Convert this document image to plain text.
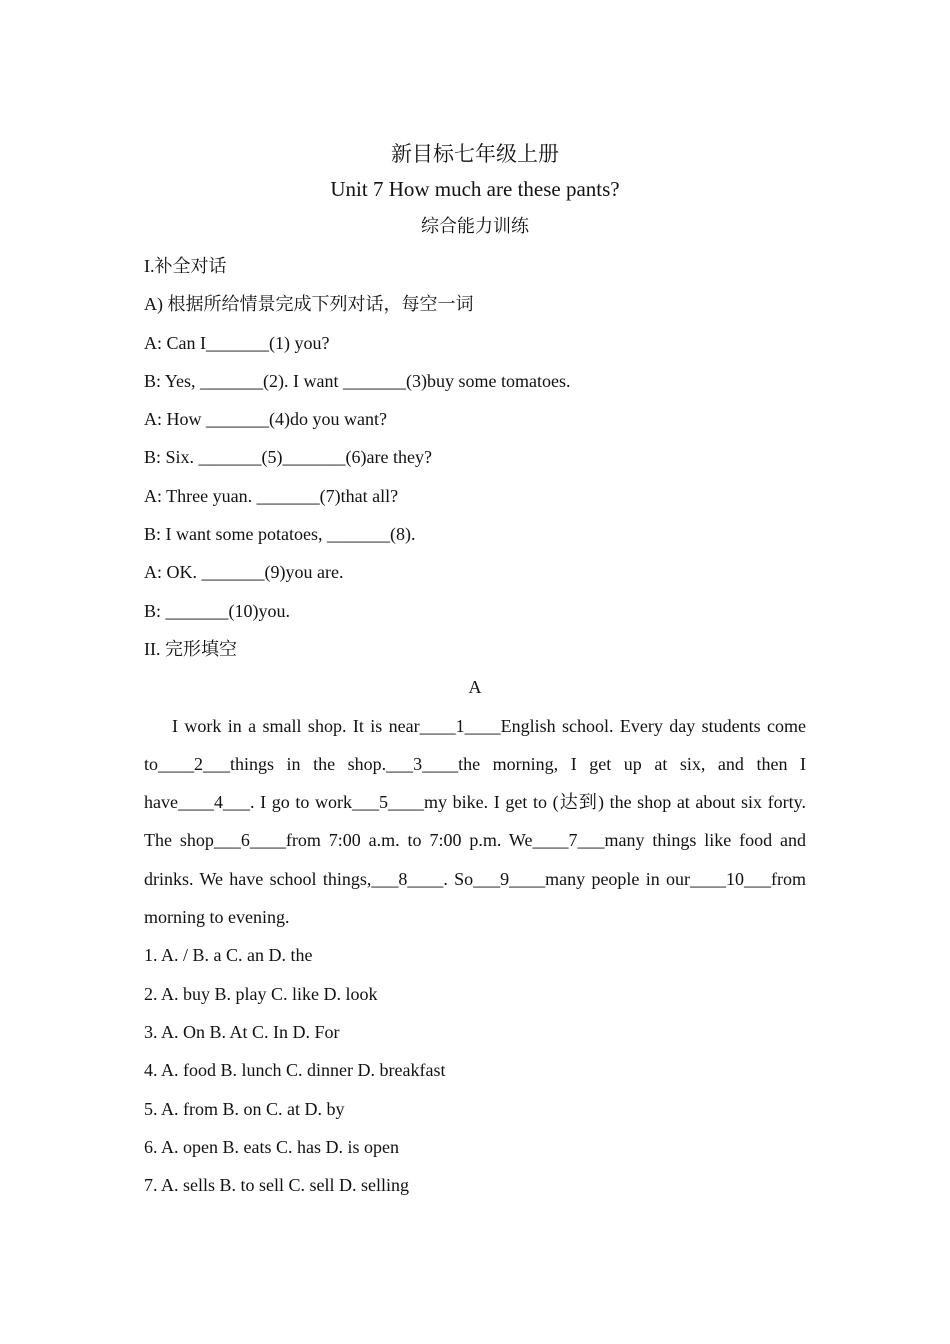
新目标七年级上册
Unit 7 How much are these pants?
综合能力训练
I.补全对话
A) 根据所给情景完成下列对话，每空一词
A: Can I_______(1) you?
B: Yes, _______(2). I want _______(3)buy some tomatoes.
A: How _______(4)do you want?
B: Six. _______(5)_______(6)are they?
A: Three yuan. _______(7)that all?
B: I want some potatoes, _______(8).
A: OK. _______(9)you are.
B: _______(10)you.
II. 完形填空
A
I work in a small shop. It is near____1____English school. Every day students come to____2___things in the shop.___3____the morning, I get up at six, and then I have____4___. I go to work___5____my bike. I get to (达到) the shop at about six forty. The shop___6____from 7:00 a.m. to 7:00 p.m. We____7___many things like food and drinks. We have school things,___8____. So___9____many people in our____10___from morning to evening.
1. A. / B. a C. an D. the
2. A. buy B. play C. like D. look
3. A. On B. At C. In D. For
4. A. food B. lunch C. dinner D. breakfast
5. A. from B. on C. at D. by
6. A. open B. eats C. has D. is open
7. A. sells B. to sell C. sell D. selling
